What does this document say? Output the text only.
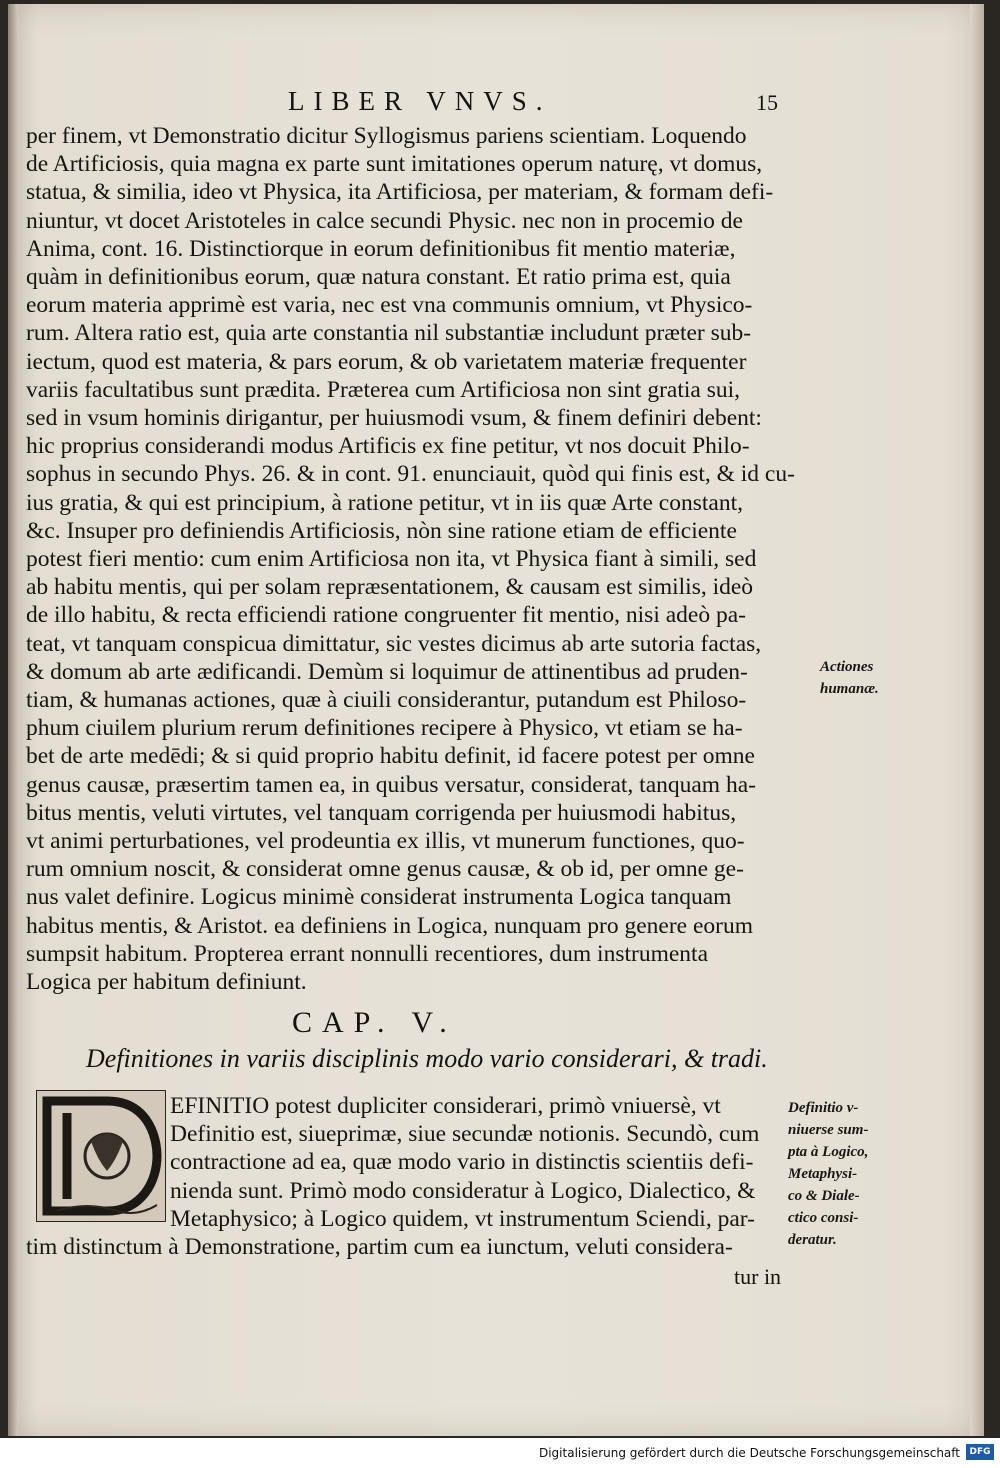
LIBER VNVS.	15
per finem, vt Demonstratio dicitur Syllogismus pariens scientiam. Loquendo
de Artificiosis, quia magna ex parte sunt imitationes operum naturę, vt domus,
statua, & similia, ideo vt Physica, ita Artificiosa, per materiam, & formam defi-
niuntur, vt docet Aristoteles in calce secundi Physic. nec non in procemio de
Anima, cont. 16. Distinctiorque in eorum definitionibus fit mentio materiæ,
quàm in definitionibus eorum, quæ natura constant. Et ratio prima est, quia
eorum materia apprimè est varia, nec est vna communis omnium, vt Physico-
rum. Altera ratio est, quia arte constantia nil substantiæ includunt præter sub-
iectum, quod est materia, & pars eorum, & ob varietatem materiæ frequenter
variis facultatibus sunt prædita. Præterea cum Artificiosa non sint gratia sui,
sed in vsum hominis dirigantur, per huiusmodi vsum, & finem definiri debent:
hic proprius considerandi modus Artificis ex fine petitur, vt nos docuit Philo-
sophus in secundo Phys. 26. & in cont. 91. enunciauit, quòd qui finis est, & id cu-
ius gratia, & qui est principium, à ratione petitur, vt in iis quæ Arte constant,
&c. Insuper pro definiendis Artificiosis, nòn sine ratione etiam de efficiente
potest fieri mentio: cum enim Artificiosa non ita, vt Physica fiant à simili, sed
ab habitu mentis, qui per solam repræsentationem, & causam est similis, ideò
de illo habitu, & recta efficiendi ratione congruenter fit mentio, nisi adeò pa-
teat, vt tanquam conspicua dimittatur, sic vestes dicimus ab arte sutoria factas,
& domum ab arte ædificandi. Demùm si loquimur de attinentibus ad pruden-
tiam, & humanas actiones, quæ à ciuili considerantur, putandum est Philoso-
phum ciuilem plurium rerum definitiones recipere à Physico, vt etiam se ha-
bet de arte medēdi; & si quid proprio habitu definit, id facere potest per omne
genus causæ, præsertim tamen ea, in quibus versatur, considerat, tanquam ha-
bitus mentis, veluti virtutes, vel tanquam corrigenda per huiusmodi habitus,
vt animi perturbationes, vel prodeuntia ex illis, vt munerum functiones, quo-
rum omnium noscit, & considerat omne genus causæ, & ob id, per omne ge-
nus valet definire. Logicus minimè considerat instrumenta Logica tanquam
habitus mentis, & Aristot. ea definiens in Logica, nunquam pro genere eorum
sumpsit habitum. Propterea errant nonnulli recentiores, dum instrumenta
Logica per habitum definiunt.
Actiones
humanæ.
CAP. V.
Definitiones in variis disciplinis modo vario considerari, & tradi.
EFINITIO potest dupliciter considerari, primò vniuersè, vt
Definitio est, siueprimæ, siue secundæ notionis. Secundò, cum
contractione ad ea, quæ modo vario in distinctis scientiis defi-
nienda sunt. Primò modo consideratur à Logico, Dialectico, &
Metaphysico; à Logico quidem, vt instrumentum Sciendi, par-
tim distinctum à Demonstratione, partim cum ea iunctum, veluti considera-
Definitio v-
niuerse sum-
pta à Logico,
Metaphysi-
co & Diale-
ctico consi-
deratur.
tur in
Digitalisierung gefördert durch die Deutsche Forschungsgemeinschaft	DFG
